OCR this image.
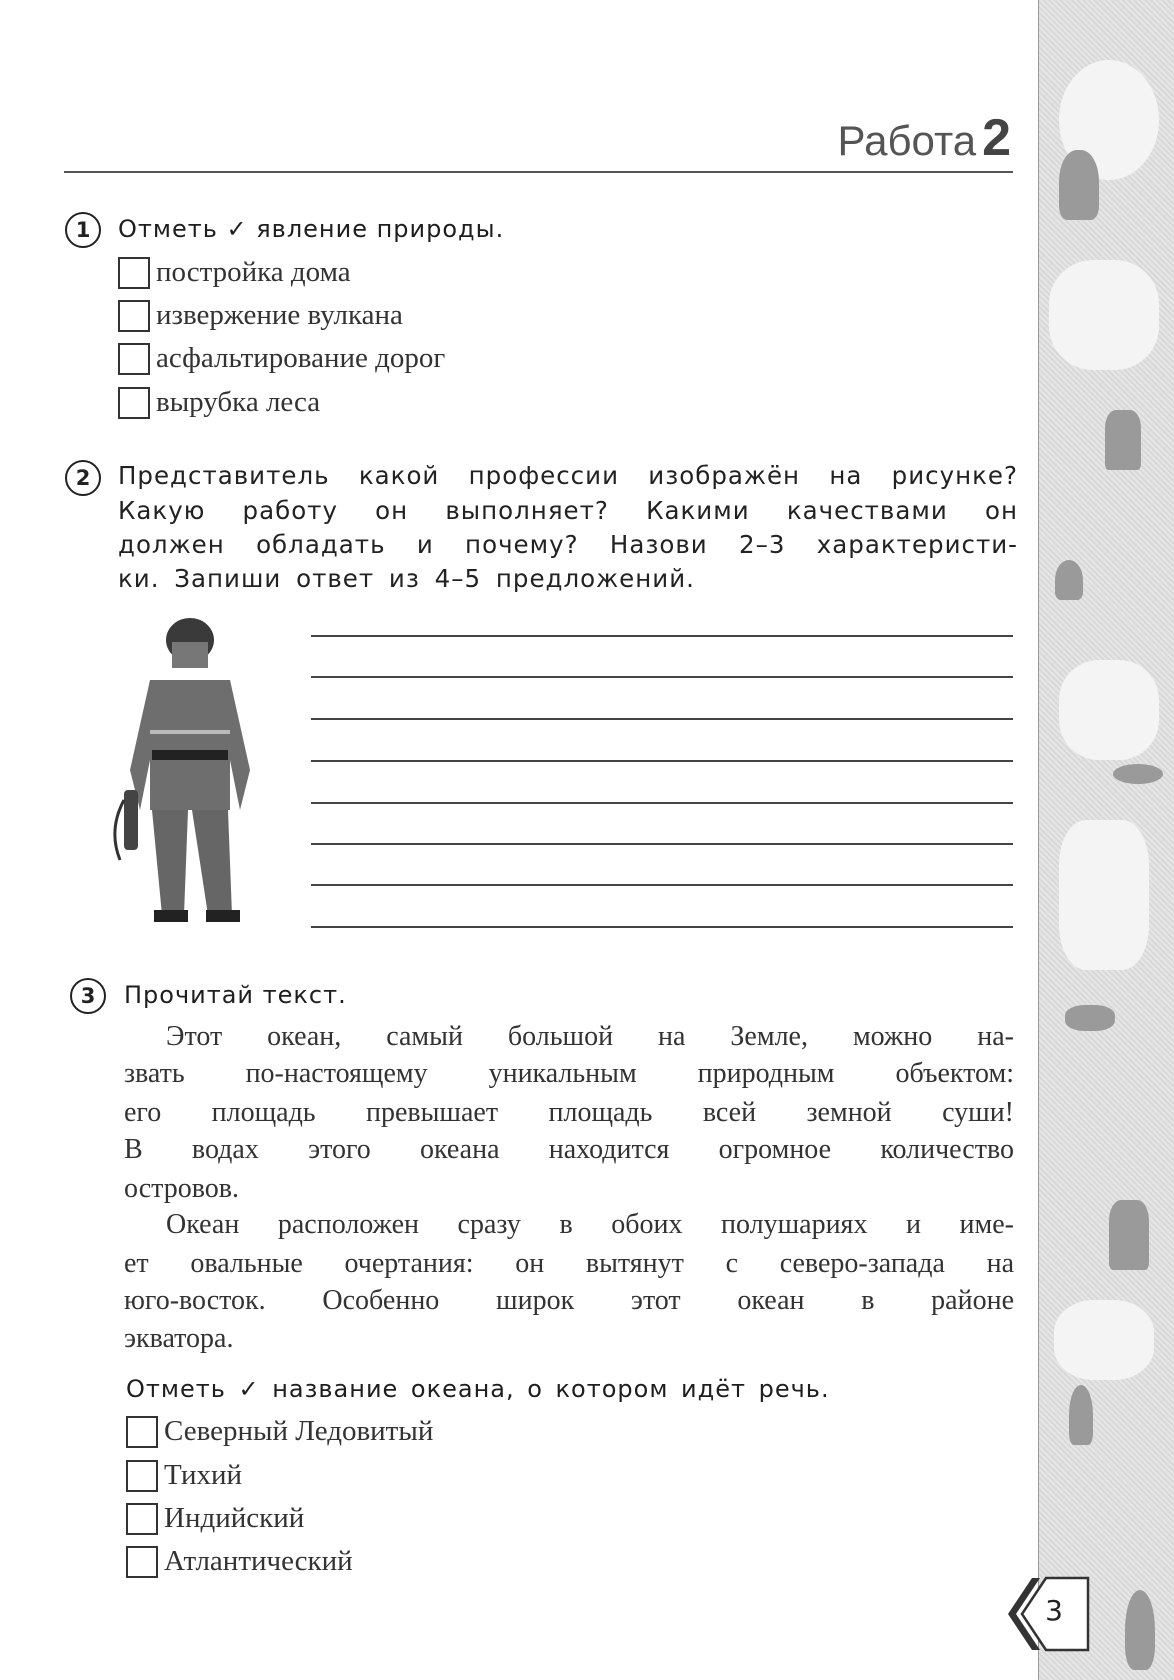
Работа 2
1	Отметь ✓ явление природы.
постройка дома
извержение вулкана
асфальтирование дорог
вырубка леса
2	Представитель какой профессии изображён на рисунке?
Какую работу он выполняет? Какими качествами он
должен обладать и почему? Назови 2–3 характеристи-
ки. Запиши ответ из 4–5 предложений.
3	Прочитай текст.
Этот океан, самый большой на Земле, можно на-
звать по-настоящему уникальным природным объектом:
его площадь превышает площадь всей земной суши!
В водах этого океана находится огромное количество
островов.
Океан расположен сразу в обоих полушариях и име-
ет овальные очертания: он вытянут с северо-запада на
юго-восток. Особенно широк этот океан в районе
экватора.
Отметь ✓ название океана, о котором идёт речь.
Северный Ледовитый
Тихий
Индийский
Атлантический
3
